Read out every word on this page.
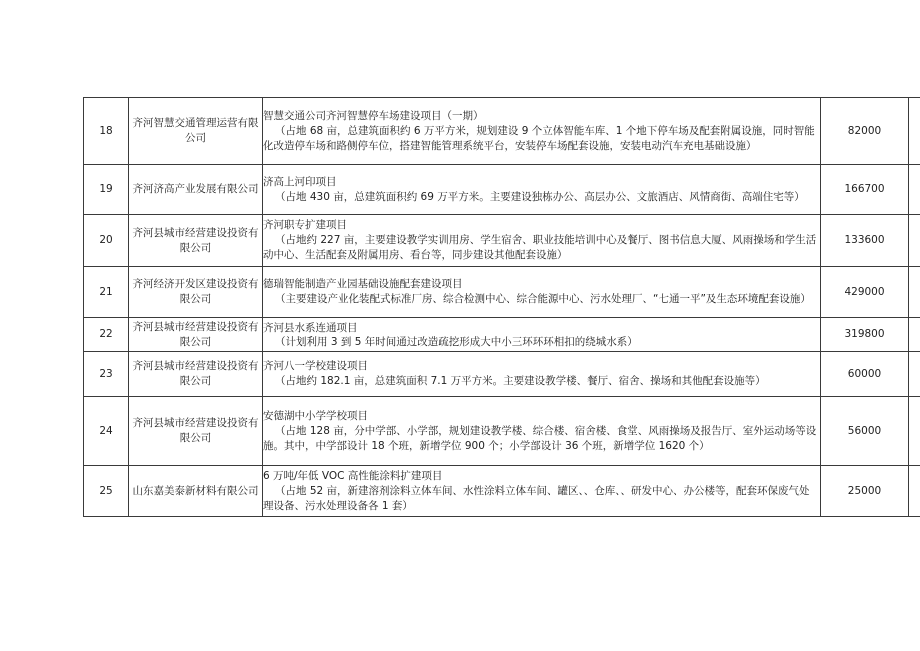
18	齐河智慧交通管理运营有限公司	智慧交通公司齐河智慧停车场建设项目（一期）
（占地 68 亩，总建筑面积约 6 万平方米，规划建设 9 个立体智能车库、1 个地下停车场及配套附属设施，同时智能化改造停车场和路侧停车位，搭建智能管理系统平台，安装停车场配套设施，安装电动汽车充电基础设施）	82000	
19	齐河济高产业发展有限公司	济高上河印项目
（占地 430 亩，总建筑面积约 69 万平方米。主要建设独栋办公、高层办公、文旅酒店、风情商街、高端住宅等）	166700	
20	齐河县城市经营建设投资有限公司	齐河职专扩建项目
（占地约 227 亩，主要建设教学实训用房、学生宿舍、职业技能培训中心及餐厅、图书信息大厦、风雨操场和学生活动中心、生活配套及附属用房、看台等，同步建设其他配套设施）	133600	
21	齐河经济开发区建设投资有限公司	德瑞智能制造产业园基础设施配套建设项目
（主要建设产业化装配式标准厂房、综合检测中心、综合能源中心、污水处理厂、“七通一平”及生态环境配套设施）	429000	
22	齐河县城市经营建设投资有限公司	齐河县水系连通项目
（计划利用 3 到 5 年时间通过改造疏挖形成大中小三环环环相扣的绕城水系）	319800	
23	齐河县城市经营建设投资有限公司	齐河八一学校建设项目
（占地约 182.1 亩，总建筑面积 7.1 万平方米。主要建设教学楼、餐厅、宿舍、操场和其他配套设施等）	60000	
24	齐河县城市经营建设投资有限公司	安德湖中小学学校项目
（占地 128 亩，分中学部、小学部，规划建设教学楼、综合楼、宿舍楼、食堂、风雨操场及报告厅、室外运动场等设施。其中，中学部设计 18 个班，新增学位 900 个；小学部设计 36 个班，新增学位 1620 个）	56000	
25	山东嘉美泰新材料有限公司	6 万吨/年低 VOC 高性能涂料扩建项目
（占地 52 亩，新建溶剂涂料立体车间、水性涂料立体车间、罐区、、仓库、、研发中心、办公楼等，配套环保废气处理设备、污水处理设备各 1 套）	25000	
